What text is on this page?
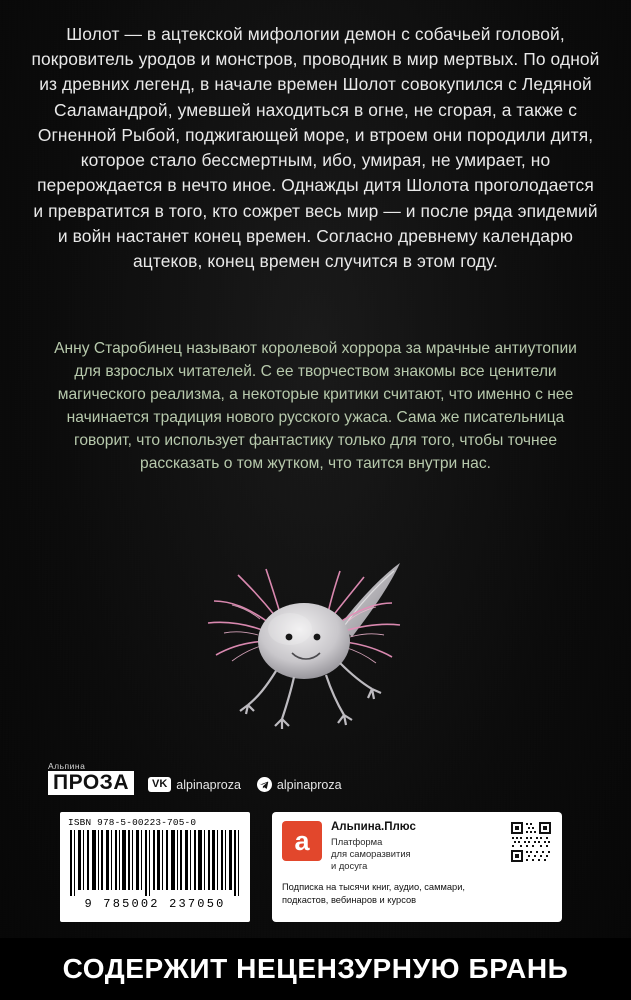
Шолот — в ацтекской мифологии демон с собачьей головой, покровитель уродов и монстров, проводник в мир мертвых. По одной из древних легенд, в начале времен Шолот совокупился с Ледяной Саламандрой, умевшей находиться в огне, не сгорая, а также с Огненной Рыбой, поджигающей море, и втроем они породили дитя, которое стало бессмертным, ибо, умирая, не умирает, но перерождается в нечто иное. Однажды дитя Шолота проголодается и превратится в того, кто сожрет весь мир — и после ряда эпидемий и войн настанет конец времен. Согласно древнему календарю ацтеков, конец времен случится в этом году.

Анну Старобинец называют королевой хоррора за мрачные антиутопии для взрослых читателей. С ее творчеством знакомы все ценители магического реализма, а некоторые критики считают, что именно с нее начинается традиция нового русского ужаса. Сама же писательница говорит, что использует фантастику только для того, чтобы точнее рассказать о том жутком, что таится внутри нас.

Альпина
ПРОЗА	VK alpinaproza	alpinaproza
ISBN 978-5-00223-705-0
9 785002 237050
а	Альпина.Плюс
Платформа
для саморазвития
и досуга
Подписка на тысячи книг, аудио, саммари,
подкастов, вебинаров и курсов
СОДЕРЖИТ НЕЦЕНЗУРНУЮ БРАНЬ
